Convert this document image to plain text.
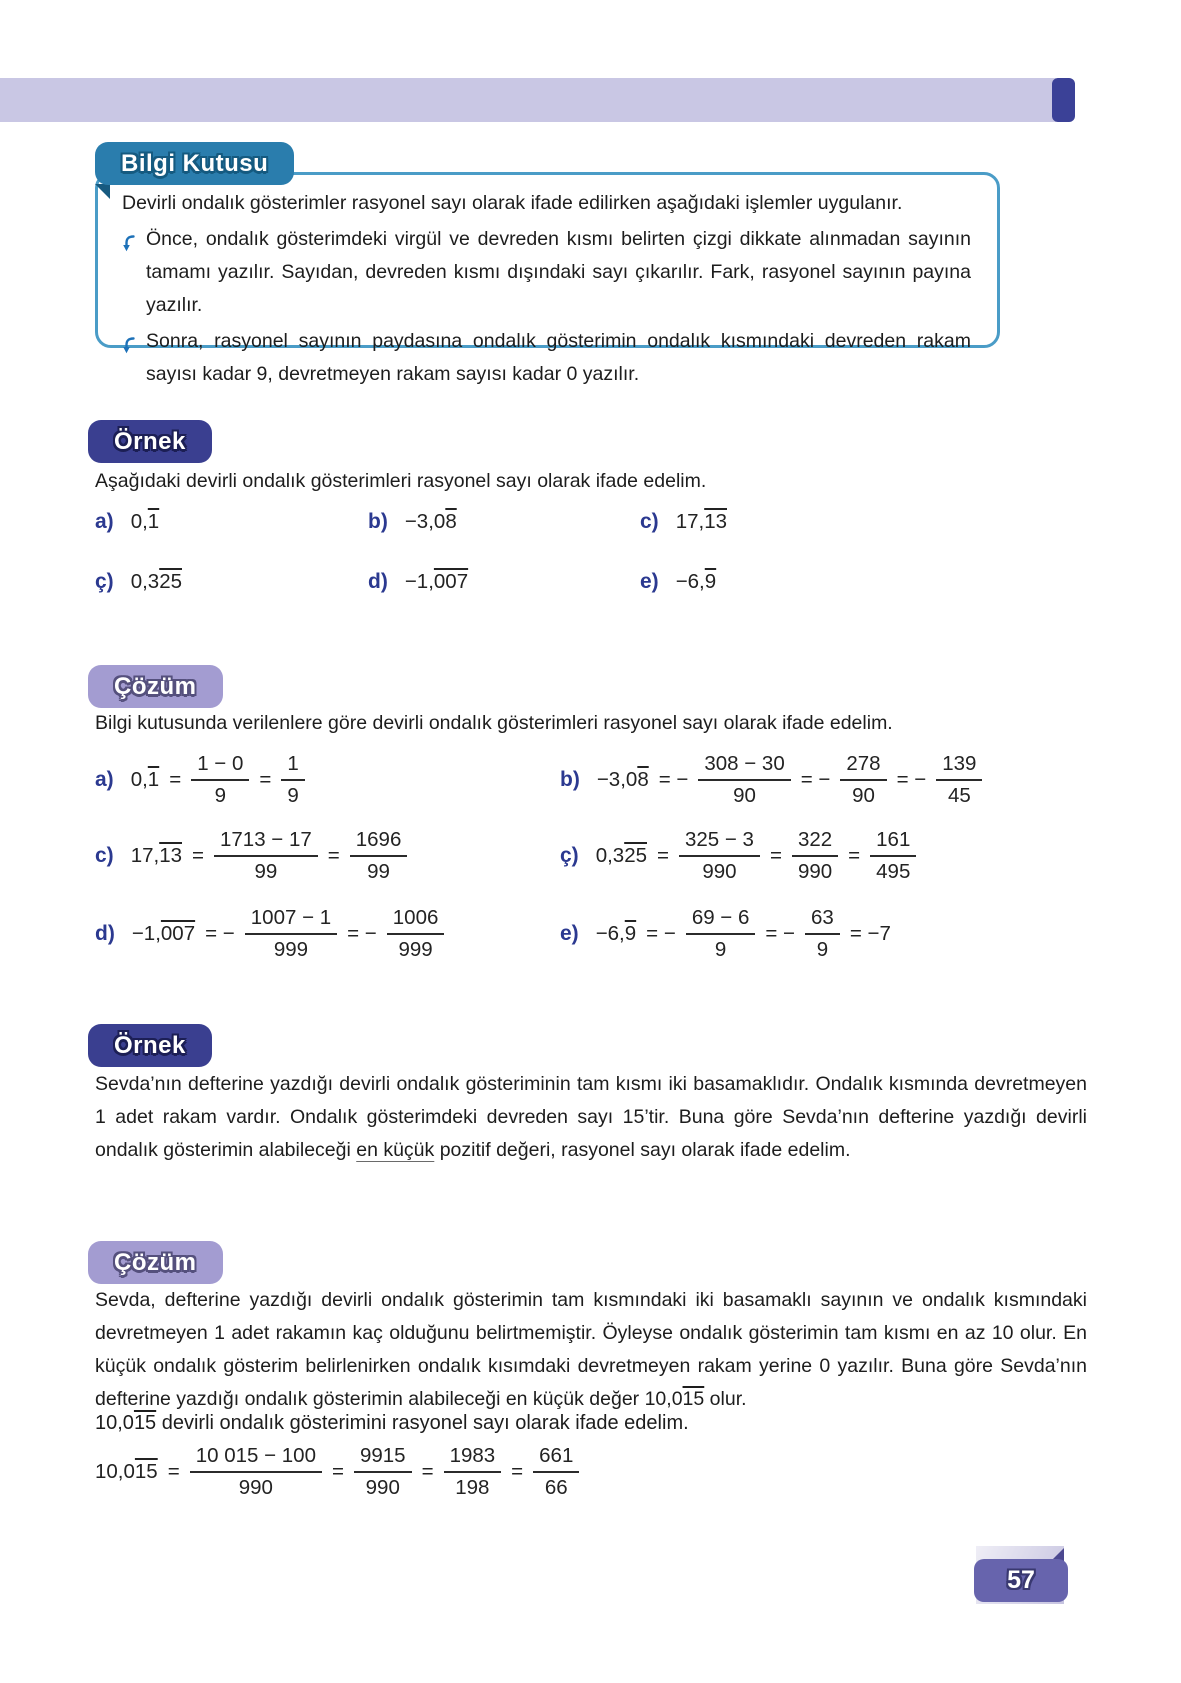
Bilgi Kutusu

Devirli ondalık gösterimler rasyonel sayı olarak ifade edilirken aşağıdaki işlemler uygulanır.

Önce, ondalık gösterimdeki virgül ve devreden kısmı belirten çizgi dikkate alınmadan sayının tamamı yazılır. Sayıdan, devreden kısmı dışındaki sayı çıkarılır. Fark, rasyonel sayının payına yazılır.
Sonra, rasyonel sayının paydasına ondalık gösterimin ondalık kısmındaki devreden rakam sayısı kadar 9, devretmeyen rakam sayısı kadar 0 yazılır.
Örnek
Aşağıdaki devirli ondalık gösterimleri rasyonel sayı olarak ifade edelim.
a) 0,1	b) −3,08	c) 17,13
ç) 0,325	d) −1,007	e) −6,9
Çözüm
Bilgi kutusunda verilenlere göre devirli ondalık gösterimleri rasyonel sayı olarak ifade edelim.
a) $0,1 = \frac{1 - 0}{9} = \frac{1}{9}$	b) −3,08 = − $\frac{308 - 30}{90}$ = − $\frac{278}{90}$ = − $\frac{139}{45}$
c) $17,13 = \frac{1713 - 17}{99} = \frac{1696}{99}$	ç) $0,325 = \frac{325 - 3}{990} = \frac{322}{990} = \frac{161}{495}$
d) −1,007 = − $\frac{1007 - 1}{999}$ = − $\frac{1006}{999}$	e) −6,9 = − $\frac{69 - 6}{9}$ = − $\frac{63}{9} = -7$
Örnek
Sevda’nın defterine yazdığı devirli ondalık gösteriminin tam kısmı iki basamaklıdır. Ondalık kısmında devretmeyen 1 adet rakam vardır. Ondalık gösterimdeki devreden sayı 15’tir. Buna göre Sevda’nın defterine yazdığı devirli ondalık gösterimin alabileceği en küçük pozitif değeri, rasyonel sayı olarak ifade edelim.
Çözüm
Sevda, defterine yazdığı devirli ondalık gösterimin tam kısmındaki iki basamaklı sayının ve ondalık kısmındaki devretmeyen 1 adet rakamın kaç olduğunu belirtmemiştir. Öyleyse ondalık gösterimin tam kısmı en az 10 olur. En küçük ondalık gösterim belirlenirken ondalık kısımdaki devretmeyen rakam yerine 0 yazılır. Buna göre Sevda’nın defterine yazdığı ondalık gösterimin alabileceği en küçük değer 10,015 olur.
10,015 devirli ondalık gösterimini rasyonel sayı olarak ifade edelim.
$10,015 = \frac{10 015 - 100}{990} = \frac{9915}{990} = \frac{1983}{198} = \frac{661}{66}$
57
